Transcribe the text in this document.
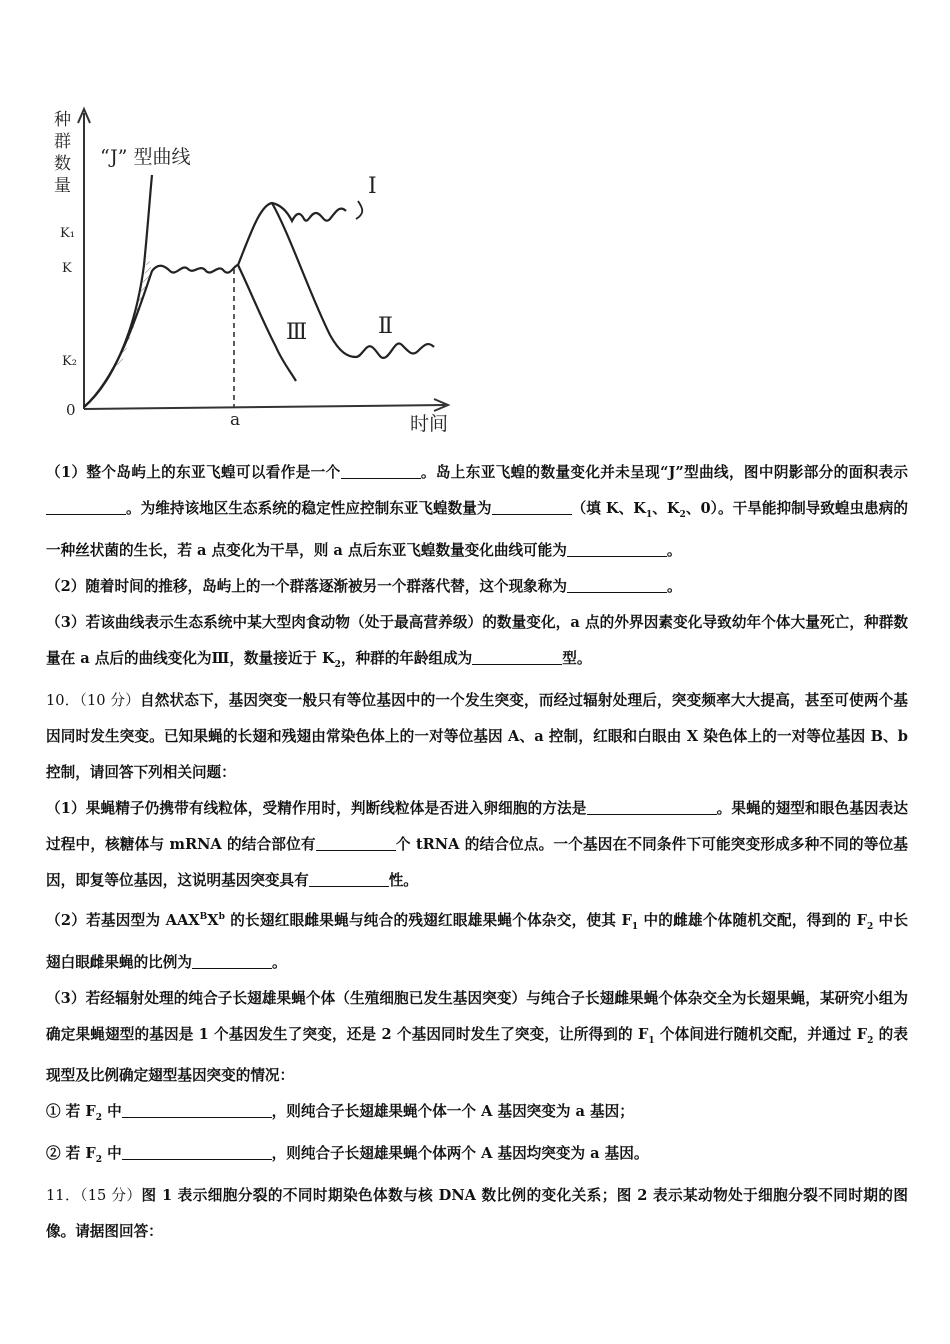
种
群
数
量
K₁
K
K₂
0	a	时间
“J” 型曲线
Ⅰ
Ⅱ
Ⅲ

（1）整个岛屿上的东亚飞蝗可以看作是一个	。岛上东亚飞蝗的数量变化并未呈现“J”型曲线，图中阴影部分的面积表示。为维持该地区生态系统的稳定性应控制东亚飞蝗数量为	（填 K、$K_1$、$K_2$、0）。干旱能抑制导致蝗虫患病的一种丝状菌的生长，若 a 点变化为干旱，则 a 点后东亚飞蝗数量变化曲线可能为	。

（2）随着时间的推移，岛屿上的一个群落逐渐被另一个群落代替，这个现象称为	。

（3）若该曲线表示生态系统中某大型肉食动物（处于最高营养级）的数量变化，a 点的外界因素变化导致幼年个体大量死亡，种群数量在 a 点后的曲线变化为Ⅲ，数量接近于 $K_2$，种群的年龄组成为	型。

10．（10 分）自然状态下，基因突变一般只有等位基因中的一个发生突变，而经过辐射处理后，突变频率大大提高，甚至可使两个基因同时发生突变。已知果蝇的长翅和残翅由常染色体上的一对等位基因 A、a 控制，红眼和白眼由 X 染色体上的一对等位基因 B、b 控制，请回答下列相关问题：

（1）果蝇精子仍携带有线粒体，受精作用时，判断线粒体是否进入卵细胞的方法是	。果蝇的翅型和眼色基因表达过程中，核糖体与 mRNA 的结合部位有	个 tRNA 的结合位点。一个基因在不同条件下可能突变形成多种不同的等位基因，即复等位基因，这说明基因突变具有	性。

（2）若基因型为 $AAX^BX^b$ 的长翅红眼雌果蝇与纯合的残翅红眼雄果蝇个体杂交，使其 $F_1$ 中的雌雄个体随机交配，得到的 $F_2$ 中长翅白眼雌果蝇的比例为	。

（3）若经辐射处理的纯合子长翅雄果蝇个体（生殖细胞已发生基因突变）与纯合子长翅雌果蝇个体杂交全为长翅果蝇，某研究小组为确定果蝇翅型的基因是 1 个基因发生了突变，还是 2 个基因同时发生了突变，让所得到的 $F_1$ 个体间进行随机交配，并通过 $F_2$ 的表现型及比例确定翅型基因突变的情况：

① 若 $F_2$ 中	，则纯合子长翅雄果蝇个体一个 A 基因突变为 a 基因；

② 若 $F_2$ 中	，则纯合子长翅雄果蝇个体两个 A 基因均突变为 a 基因。

11．（15 分）图 1 表示细胞分裂的不同时期染色体数与核 DNA 数比例的变化关系；图 2 表示某动物处于细胞分裂不同时期的图像。请据图回答：
